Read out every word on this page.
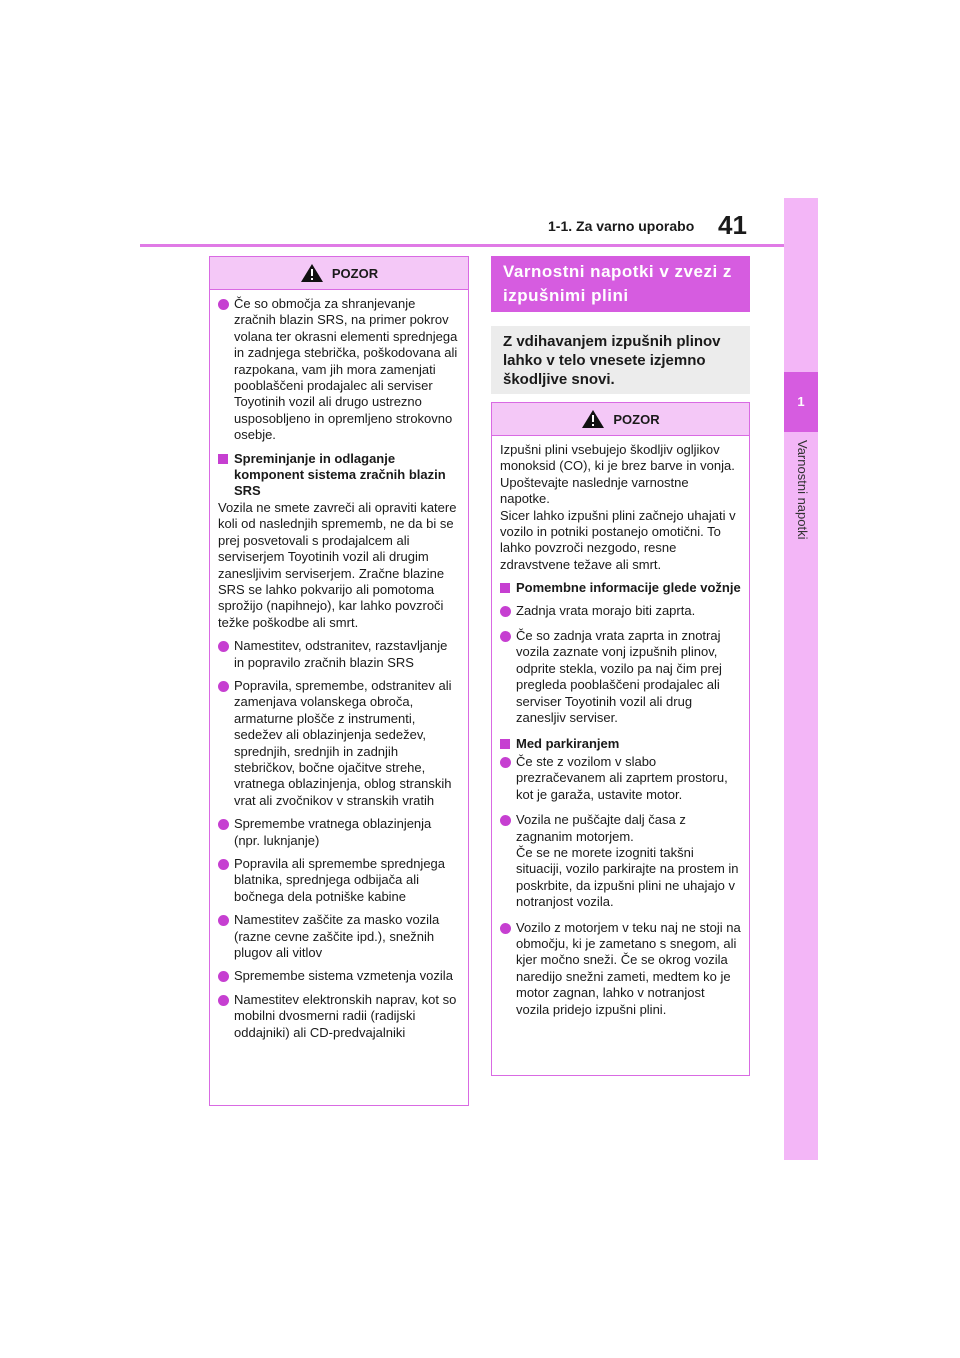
1-1. Za varno uporabo 41
1
Varnostni napotki
POZOR
Če so območja za shranjevanje zračnih blazin SRS, na primer pokrov volana ter okrasni elementi sprednjega in zadnjega stebrička, poškodovana ali razpokana, vam jih mora zamenjati pooblaščeni prodajalec ali serviser Toyotinih vozil ali drugo ustrezno usposobljeno in opremljeno strokovno osebje.
Spreminjanje in odlaganje komponent sistema zračnih blazin SRS

Vozila ne smete zavreči ali opraviti katere koli od naslednjih sprememb, ne da bi se prej posvetovali s prodajalcem ali serviserjem Toyotinih vozil ali drugim zanesljivim serviserjem. Zračne blazine SRS se lahko pokvarijo ali pomotoma sprožijo (napihnejo), kar lahko povzroči težke poškodbe ali smrt.

Namestitev, odstranitev, razstavljanje in popravilo zračnih blazin SRS
Popravila, spremembe, odstranitev ali zamenjava volanskega obroča, armaturne plošče z instrumenti, sedežev ali oblazinjenja sedežev, sprednjih, srednjih in zadnjih stebričkov, bočne ojačitve strehe, vratnega oblazinjenja, oblog stranskih vrat ali zvočnikov v stranskih vratih
Spremembe vratnega oblazinjenja (npr. luknjanje)
Popravila ali spremembe sprednjega blatnika, sprednjega odbijača ali bočnega dela potniške kabine
Namestitev zaščite za masko vozila (razne cevne zaščite ipd.), snežnih plugov ali vitlov
Spremembe sistema vzmetenja vozila
Namestitev elektronskih naprav, kot so mobilni dvosmerni radii (radijski oddajniki) ali CD-predvajalniki
Varnostni napotki v zvezi z izpušnimi plini
Z vdihavanjem izpušnih plinov lahko v telo vnesete izjemno škodljive snovi.
POZOR

Izpušni plini vsebujejo škodljiv ogljikov monoksid (CO), ki je brez barve in vonja. Upoštevajte naslednje varnostne napotke.

Sicer lahko izpušni plini začnejo uhajati v vozilo in potniki postanejo omotični. To lahko povzroči nezgodo, resne zdravstvene težave ali smrt.

Pomembne informacije glede vožnje
Zadnja vrata morajo biti zaprta.
Če so zadnja vrata zaprta in znotraj vozila zaznate vonj izpušnih plinov, odprite stekla, vozilo pa naj čim prej pregleda pooblaščeni prodajalec ali serviser Toyotinih vozil ali drug zanesljiv serviser.
Med parkiranjem
Če ste z vozilom v slabo prezračevanem ali zaprtem prostoru, kot je garaža, ustavite motor.
Vozila ne puščajte dalj časa z zagnanim motorjem.
Če se ne morete izogniti takšni situaciji, vozilo parkirajte na prostem in poskrbite, da izpušni plini ne uhajajo v notranjost vozila.
Vozilo z motorjem v teku naj ne stoji na območju, ki je zametano s snegom, ali kjer močno sneži. Če se okrog vozila naredijo snežni zameti, medtem ko je motor zagnan, lahko v notranjost vozila pridejo izpušni plini.
